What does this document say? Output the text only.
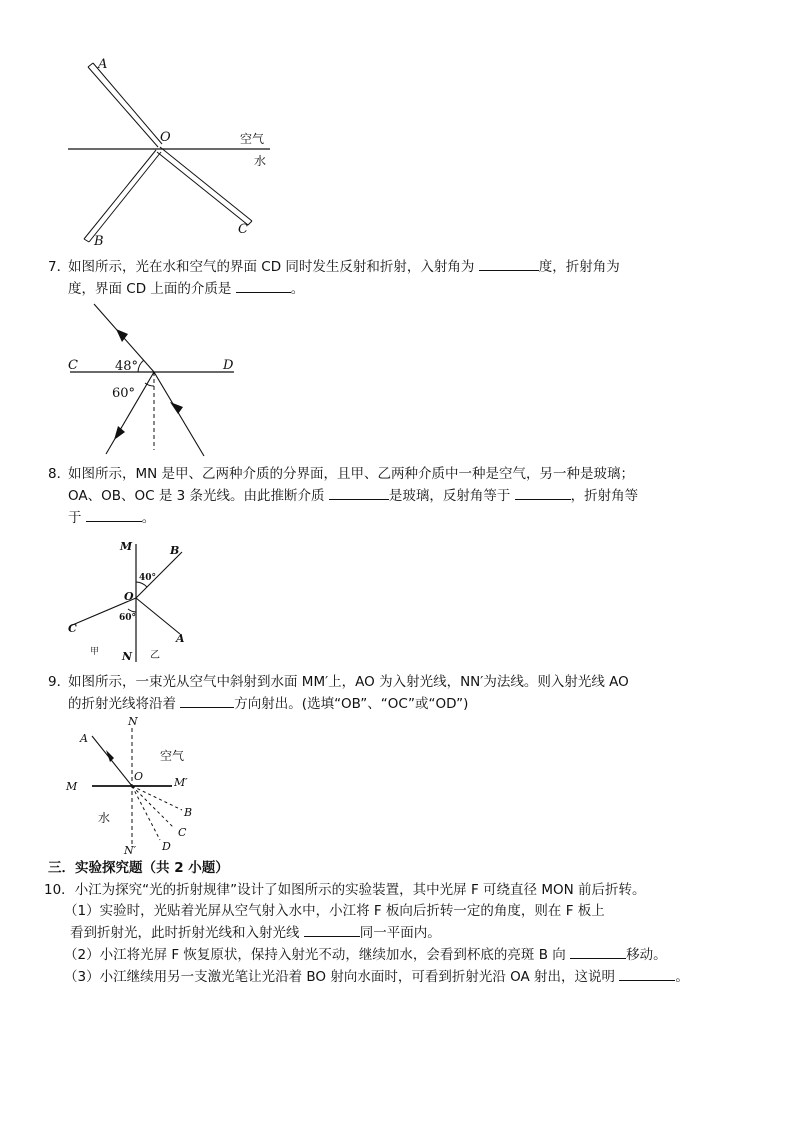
A
O	空气
水
B
C
7．如图所示，光在水和空气的界面 CD 同时发生反射和折射，入射角为	度，折射角为
度，界面 CD 上面的介质是	。
C	D
48°
60°
8．如图所示，MN 是甲、乙两种介质的分界面，且甲、乙两种介质中一种是空气，另一种是玻璃；
OA、OB、OC 是 3 条光线。由此推断介质	是玻璃，反射角等于	，折射角等
于	。
M	B
40°
O
60°
C
A
甲 N 乙
9．如图所示，一束光从空气中斜射到水面 MM′上，AO 为入射光线，NN′为法线。则入射光线 AO
的折射光线将沿着	方向射出。(选填“OB”、“OC”或“OD”)
N
A
空气
O
M	M′
B
水
C
D
N′
三．实验探究题（共 2 小题）
10．小江为探究“光的折射规律”设计了如图所示的实验装置，其中光屏 F 可绕直径 MON 前后折转。
（1）实验时，光贴着光屏从空气射入水中，小江将 F 板向后折转一定的角度，则在 F 板上
看到折射光，此时折射光线和入射光线	同一平面内。
（2）小江将光屏 F 恢复原状，保持入射光不动，继续加水，会看到杯底的亮斑 B 向	移动。
（3）小江继续用另一支激光笔让光沿着 BO 射向水面时，可看到折射光沿 OA 射出，这说明	。
